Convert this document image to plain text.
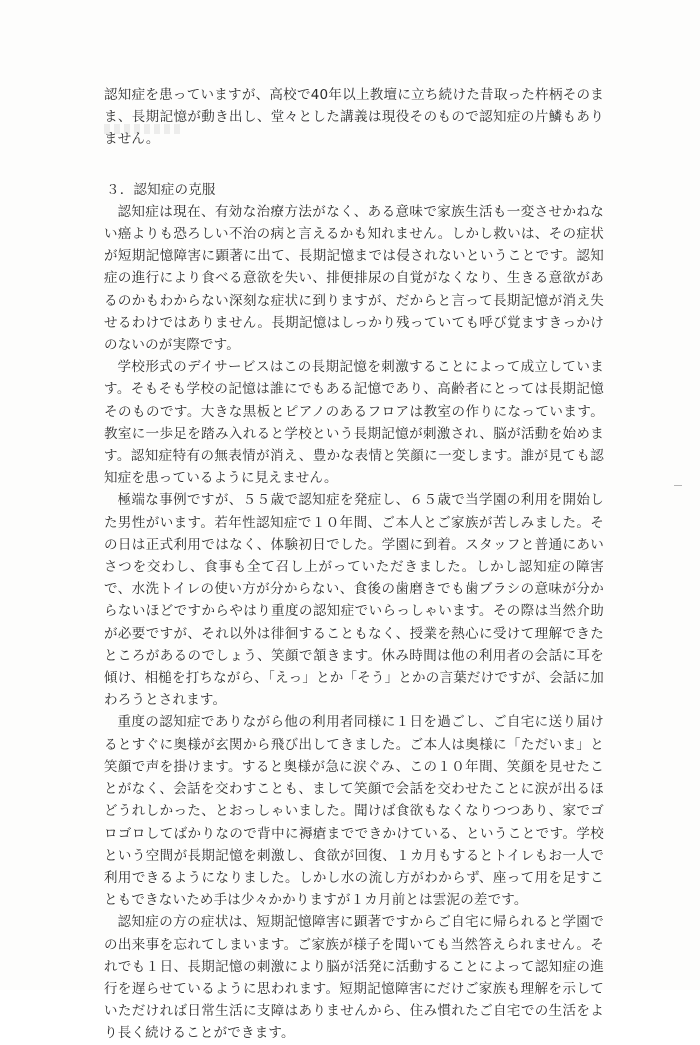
認知症を患っていますが、高校で40年以上教壇に立ち続けた昔取った杵柄そのまま、長期記憶が動き出し、堂々とした講義は現役そのもので認知症の片鱗もありません。

３．認知症の克服

認知症は現在、有効な治療方法がなく、ある意味で家族生活も一変させかねない癌よりも恐ろしい不治の病と言えるかも知れません。しかし救いは、その症状が短期記憶障害に顕著に出て、長期記憶までは侵されないということです。認知症の進行により食べる意欲を失い、排便排尿の自覚がなくなり、生きる意欲があるのかもわからない深刻な症状に到りますが、だからと言って長期記憶が消え失せるわけではありません。長期記憶はしっかり残っていても呼び覚ますきっかけのないのが実際です。

学校形式のデイサービスはこの長期記憶を刺激することによって成立しています。そもそも学校の記憶は誰にでもある記憶であり、高齢者にとっては長期記憶そのものです。大きな黒板とピアノのあるフロアは教室の作りになっています。教室に一歩足を踏み入れると学校という長期記憶が刺激され、脳が活動を始めます。認知症特有の無表情が消え、豊かな表情と笑顔に一変します。誰が見ても認知症を患っているように見えません。

極端な事例ですが、５５歳で認知症を発症し、６５歳で当学園の利用を開始した男性がいます。若年性認知症で１０年間、ご本人とご家族が苦しみました。その日は正式利用ではなく、体験初日でした。学園に到着。スタッフと普通にあいさつを交わし、食事も全て召し上がっていただきました。しかし認知症の障害で、水洗トイレの使い方が分からない、食後の歯磨きでも歯ブラシの意味が分からないほどですからやはり重度の認知症でいらっしゃいます。その際は当然介助が必要ですが、それ以外は徘徊することもなく、授業を熱心に受けて理解できたところがあるのでしょう、笑顔で頷きます。休み時間は他の利用者の会話に耳を傾け、相槌を打ちながら、「えっ」とか「そう」とかの言葉だけですが、会話に加わろうとされます。

重度の認知症でありながら他の利用者同様に１日を過ごし、ご自宅に送り届けるとすぐに奥様が玄関から飛び出してきました。ご本人は奥様に「ただいま」と笑顔で声を掛けます。すると奥様が急に涙ぐみ、この１０年間、笑顔を見せたことがなく、会話を交わすことも、まして笑顔で会話を交わせたことに涙が出るほどうれしかった、とおっしゃいました。聞けば食欲もなくなりつつあり、家でゴロゴロしてばかりなので背中に褥瘡までできかけている、ということです。学校という空間が長期記憶を刺激し、食欲が回復、１カ月もするとトイレもお一人で利用できるようになりました。しかし水の流し方がわからず、座って用を足すこともできないため手は少々かかりますが１カ月前とは雲泥の差です。

認知症の方の症状は、短期記憶障害に顕著ですからご自宅に帰られると学園での出来事を忘れてしまいます。ご家族が様子を聞いても当然答えられません。それでも１日、長期記憶の刺激により脳が活発に活動することによって認知症の進行を遅らせているように思われます。短期記憶障害にだけご家族も理解を示していただければ日常生活に支障はありませんから、住み慣れたご自宅での生活をより長く続けることができます。
